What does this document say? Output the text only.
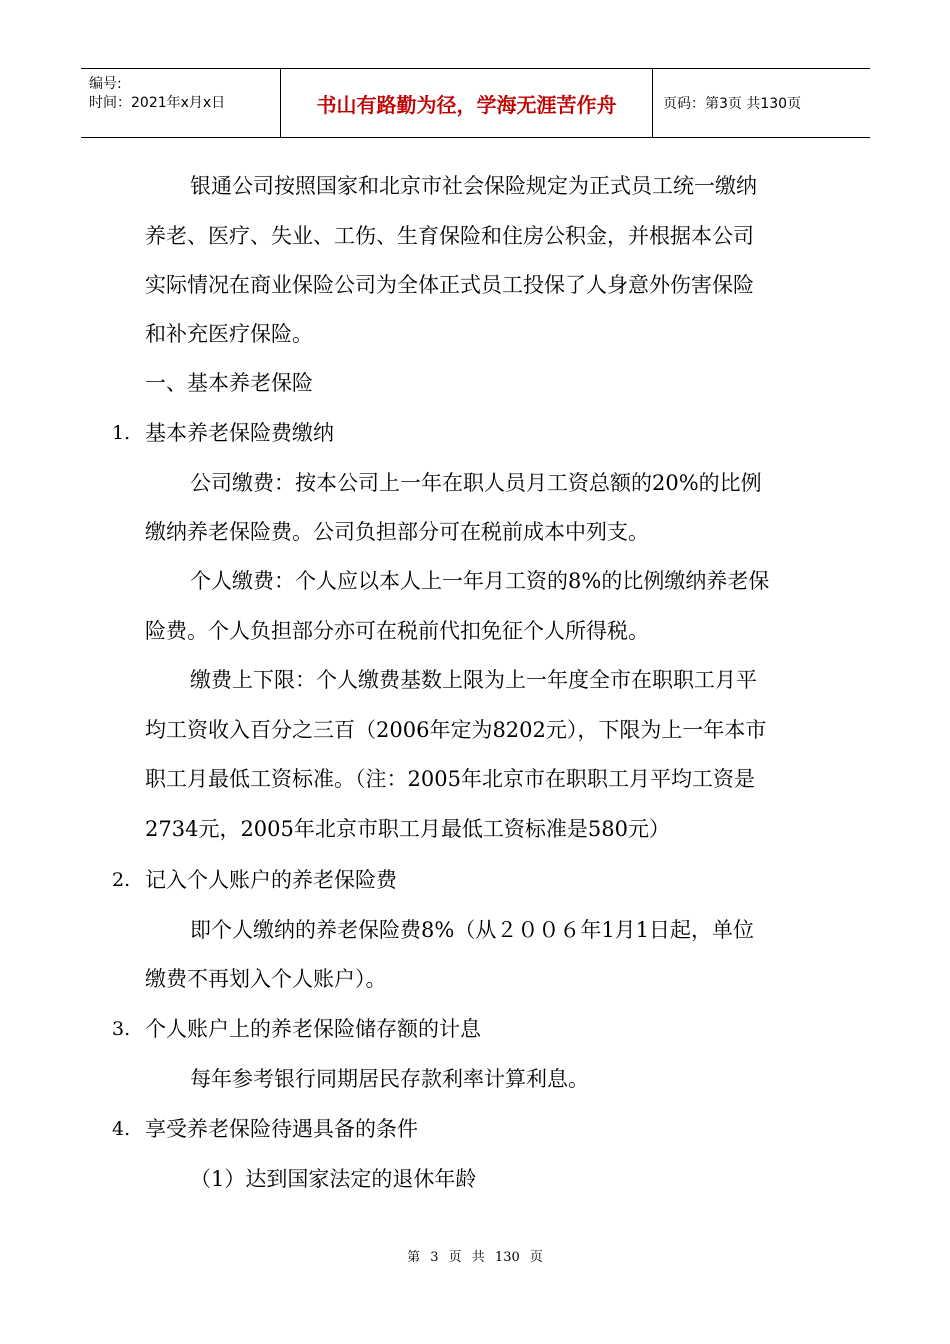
编号:
时间：2021年x月x日	书山有路勤为径，学海无涯苦作舟	页码：第3页 共130页
银通公司按照国家和北京市社会保险规定为正式员工统一缴纳
养老、医疗、失业、工伤、生育保险和住房公积金，并根据本公司
实际情况在商业保险公司为全体正式员工投保了人身意外伤害保险
和补充医疗保险。
一、基本养老保险
1. 基本养老保险费缴纳
公司缴费：按本公司上一年在职人员月工资总额的20%的比例
缴纳养老保险费。公司负担部分可在税前成本中列支。
个人缴费：个人应以本人上一年月工资的8%的比例缴纳养老保
险费。个人负担部分亦可在税前代扣免征个人所得税。
缴费上下限：个人缴费基数上限为上一年度全市在职职工月平
均工资收入百分之三百（2006年定为8202元），下限为上一年本市
职工月最低工资标准。（注：2005年北京市在职职工月平均工资是
2734元，2005年北京市职工月最低工资标准是580元）
2. 记入个人账户的养老保险费
即个人缴纳的养老保险费8%（从２００６年1月1日起，单位
缴费不再划入个人账户）。
3. 个人账户上的养老保险储存额的计息
每年参考银行同期居民存款利率计算利息。
4. 享受养老保险待遇具备的条件
（1）达到国家法定的退休年龄
第 3 页 共 130 页
